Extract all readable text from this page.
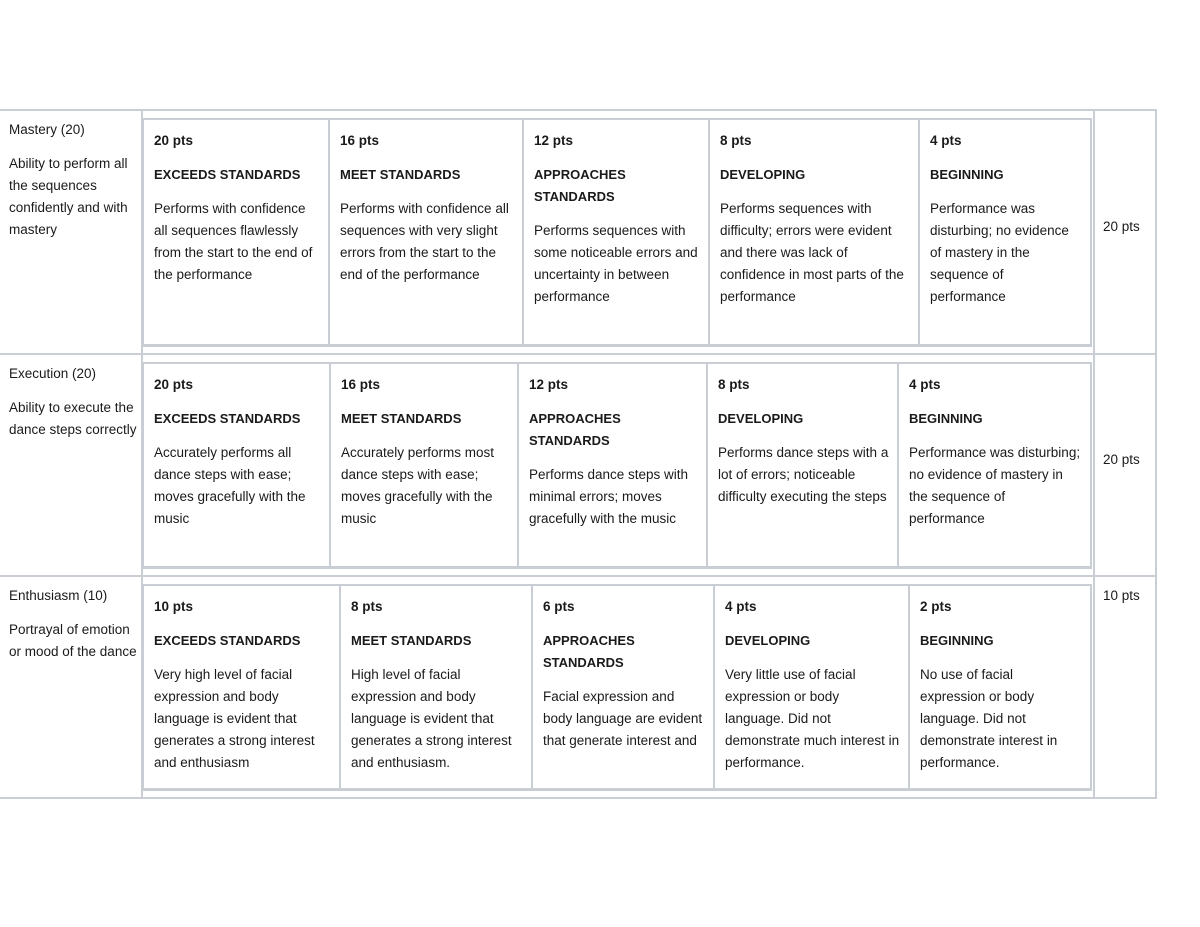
Mastery (20)

Ability to perform all the sequences confidently and with mastery

20 pts

EXCEEDS STANDARDS

Performs with confidence all sequences flawlessly from the start to the end of the performance

16 pts

MEET STANDARDS

Performs with confidence all sequences with very slight errors from the start to the end of the performance

12 pts

APPROACHES STANDARDS

Performs sequences with some noticeable errors and uncertainty in between performance

8 pts

DEVELOPING

Performs sequences with difficulty; errors were evident and there was lack of confidence in most parts of the performance

4 pts

BEGINNING

Performance was disturbing; no evidence of mastery in the sequence of performance

20 pts

Execution (20)

Ability to execute the dance steps correctly

20 pts

EXCEEDS STANDARDS

Accurately performs all dance steps with ease; moves gracefully with the music

16 pts

MEET STANDARDS

Accurately performs most dance steps with ease; moves gracefully with the music

12 pts

APPROACHES STANDARDS

Performs dance steps with minimal errors; moves gracefully with the music

8 pts

DEVELOPING

Performs dance steps with a lot of errors; noticeable difficulty executing the steps

4 pts

BEGINNING

Performance was disturbing; no evidence of mastery in the sequence of performance

20 pts

Enthusiasm (10)

Portrayal of emotion or mood of the dance

10 pts

EXCEEDS STANDARDS

Very high level of facial expression and body language is evident that generates a strong interest and enthusiasm

8 pts

MEET STANDARDS

High level of facial expression and body language is evident that generates a strong interest and enthusiasm.

6 pts

APPROACHES STANDARDS

Facial expression and body language are evident that generate interest and

4 pts

DEVELOPING

Very little use of facial expression or body language. Did not demonstrate much interest in performance.

2 pts

BEGINNING

No use of facial expression or body language. Did not demonstrate interest in performance.

10 pts
